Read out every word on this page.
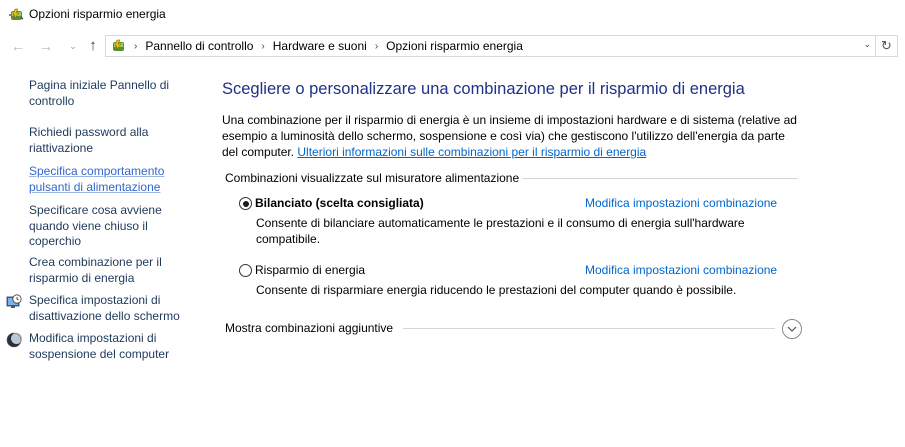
Opzioni risparmio energia
← →	⌄ ↑	› Pannello di controllo › Hardware e suoni › Opzioni risparmio energia	⌄ ↻
Pagina iniziale Pannello di controllo
Richiedi password alla riattivazione
Specifica comportamento pulsanti di alimentazione
Specificare cosa avviene quando viene chiuso il coperchio
Crea combinazione per il risparmio di energia
Specifica impostazioni di disattivazione dello schermo
Modifica impostazioni di sospensione del computer
Scegliere o personalizzare una combinazione per il risparmio di energia

Una combinazione per il risparmio di energia è un insieme di impostazioni hardware e di sistema (relative ad esempio a luminosità dello schermo, sospensione e così via) che gestiscono l'utilizzo dell'energia da parte del computer. Ulteriori informazioni sulle combinazioni per il risparmio di energia

Combinazioni visualizzate sul misuratore alimentazione
Bilanciato (scelta consigliata)	Modifica impostazioni combinazione
Consente di bilanciare automaticamente le prestazioni e il consumo di energia sull'hardware compatibile.
Risparmio di energia	Modifica impostazioni combinazione
Consente di risparmiare energia riducendo le prestazioni del computer quando è possibile.
Mostra combinazioni aggiuntive
